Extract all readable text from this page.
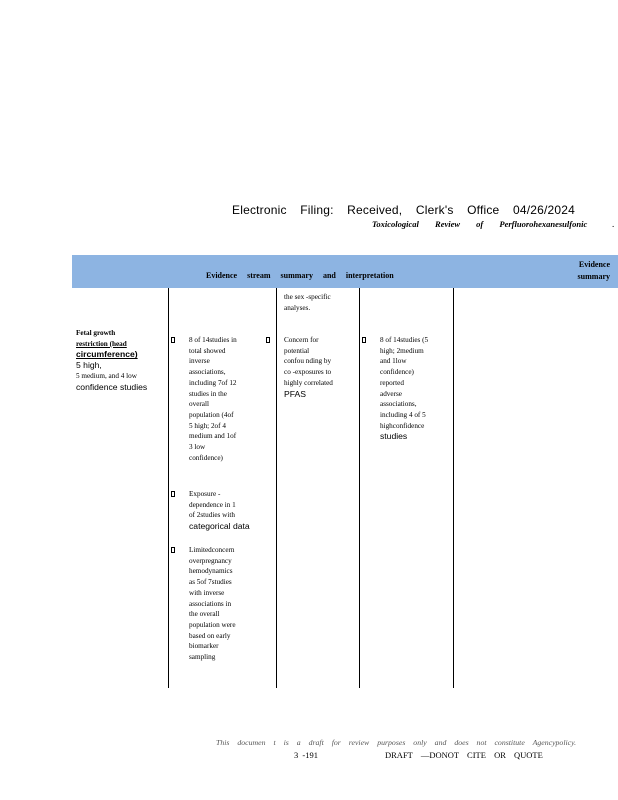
Electronic Filing: Received, Clerk's Office 04/26/2024
Toxicological Review of Perfluorohexanesulfonic	.
Evidence stream summary and interpretation
Evidence
summary
the sex -specific analyses.
Fetal growth
restriction (head
circumference)
5 high,
5 medium, and 4 low
confidence studies
8 of 14studies in
total showed
inverse
associations,
including 7of 12
studies in the
overall
population (4of
5 high; 2of 4
medium and 1of
3 low
confidence)
Exposure -
dependence in 1
of 2studies with
categorical data
Limitedconcern
overpregnancy
hemodynamics
as 5of 7studies
with inverse
associations in
the overall
population were
based on early
biomarker
sampling
Concern for
potential
confou nding by
co -exposures to
highly correlated
PFAS
8 of 14studies (5
high; 2medium
and 1low
confidence)
reported
adverse
associations,
including 4 of 5
highconfidence
studies
This documen t is a draft for review purposes only and does not constitute Agencypolicy.
3 -191	DRAFT —DONOT CITE OR QUOTE
